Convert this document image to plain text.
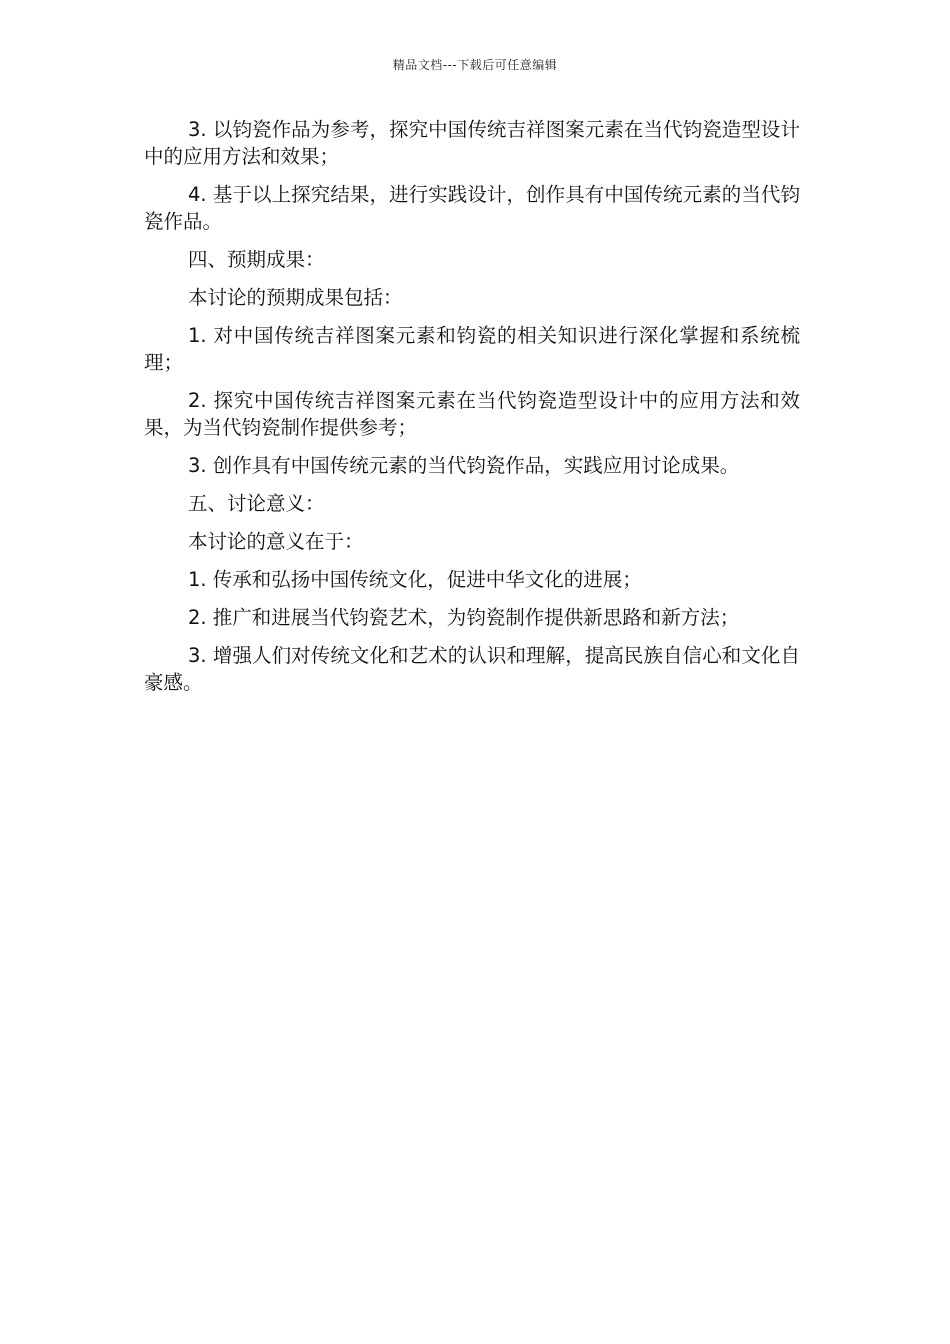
精品文档---下载后可任意编辑

3. 以钧瓷作品为参考，探究中国传统吉祥图案元素在当代钧瓷造型设计中的应用方法和效果；

4. 基于以上探究结果，进行实践设计，创作具有中国传统元素的当代钧瓷作品。

四、预期成果：

本讨论的预期成果包括：

1. 对中国传统吉祥图案元素和钧瓷的相关知识进行深化掌握和系统梳理；

2. 探究中国传统吉祥图案元素在当代钧瓷造型设计中的应用方法和效果，为当代钧瓷制作提供参考；

3. 创作具有中国传统元素的当代钧瓷作品，实践应用讨论成果。

五、讨论意义：

本讨论的意义在于：

1. 传承和弘扬中国传统文化，促进中华文化的进展；

2. 推广和进展当代钧瓷艺术，为钧瓷制作提供新思路和新方法；

3. 增强人们对传统文化和艺术的认识和理解，提高民族自信心和文化自豪感。
